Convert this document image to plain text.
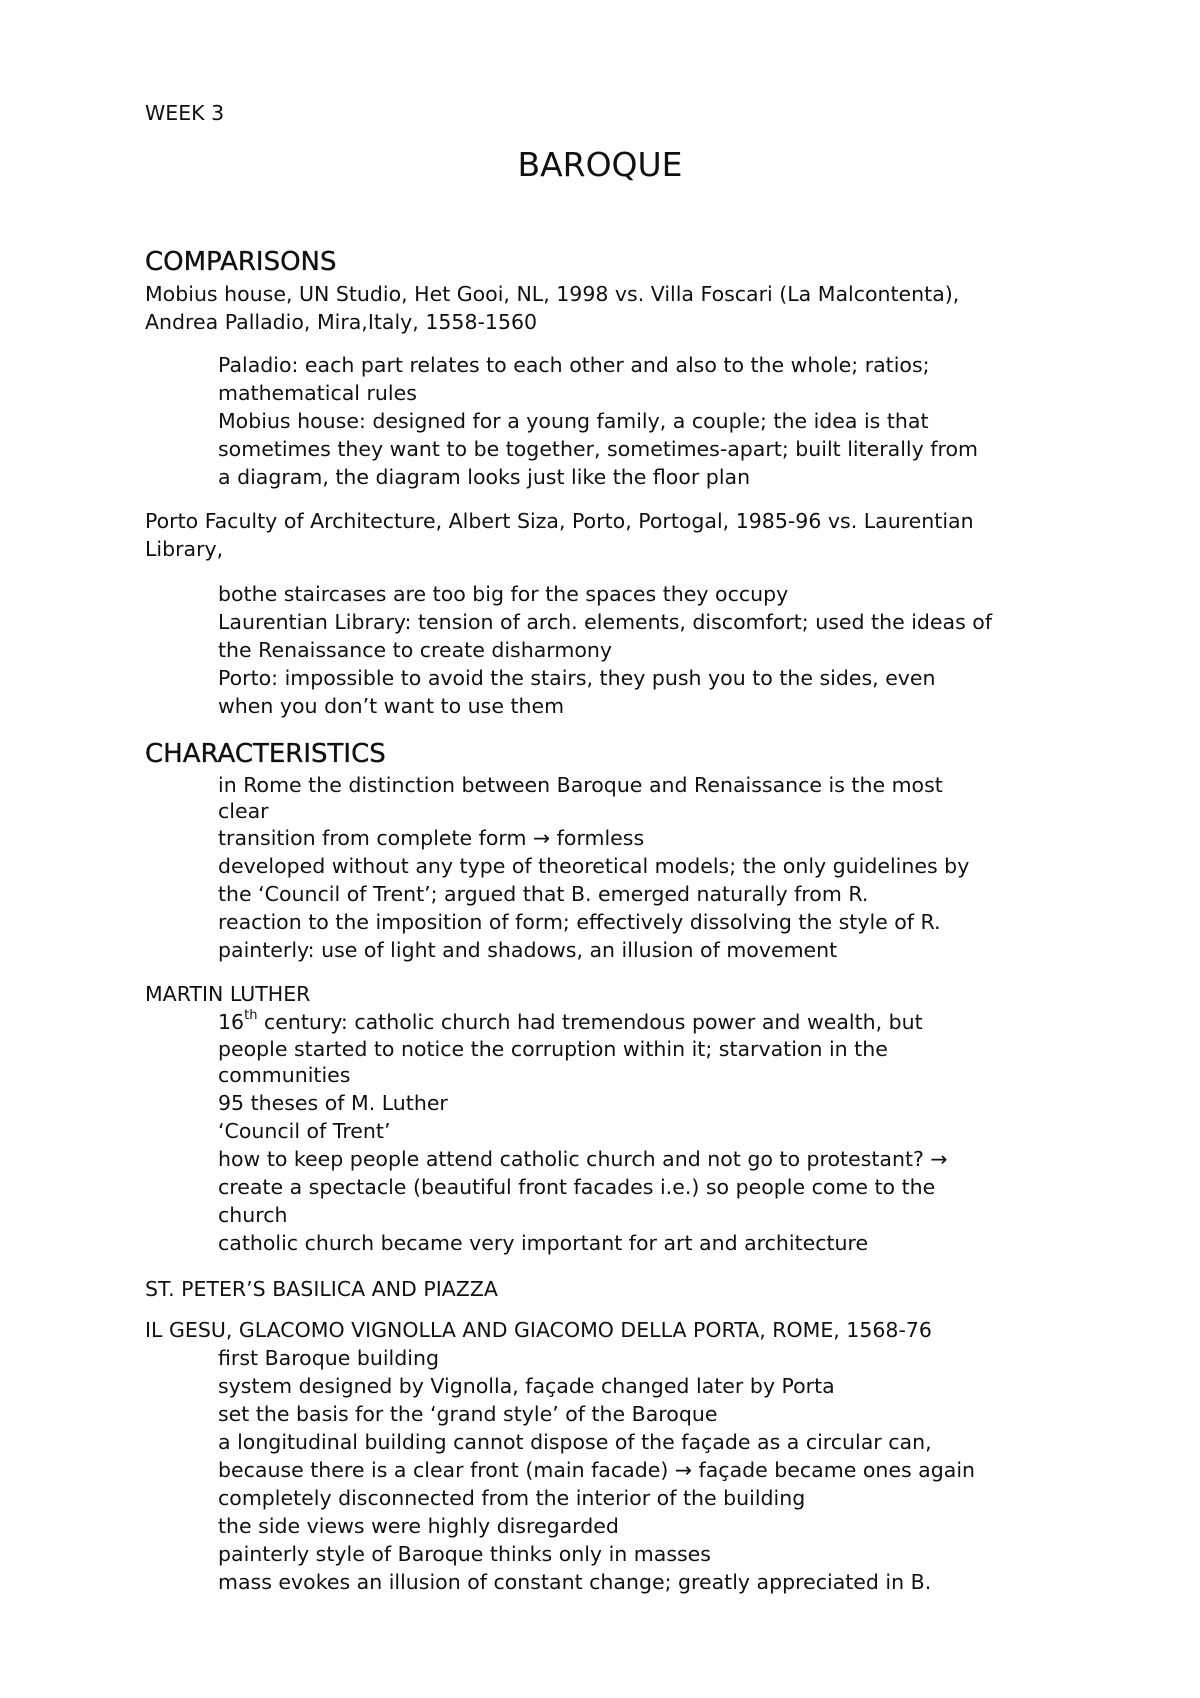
WEEK 3
BAROQUE
COMPARISONS
Mobius house, UN Studio, Het Gooi, NL, 1998 vs. Villa Foscari (La Malcontenta),
Andrea Palladio, Mira,Italy, 1558-1560
Paladio: each part relates to each other and also to the whole; ratios;
mathematical rules
Mobius house: designed for a young family, a couple; the idea is that
sometimes they want to be together, sometimes-apart; built literally from
a diagram, the diagram looks just like the floor plan
Porto Faculty of Architecture, Albert Siza, Porto, Portogal, 1985-96 vs. Laurentian
Library,
bothe staircases are too big for the spaces they occupy
Laurentian Library: tension of arch. elements, discomfort; used the ideas of
the Renaissance to create disharmony
Porto: impossible to avoid the stairs, they push you to the sides, even
when you don’t want to use them
CHARACTERISTICS
in Rome the distinction between Baroque and Renaissance is the most
clear
transition from complete form → formless
developed without any type of theoretical models; the only guidelines by
the ‘Council of Trent’; argued that B. emerged naturally from R.
reaction to the imposition of form; effectively dissolving the style of R.
painterly: use of light and shadows, an illusion of movement
MARTIN LUTHER
16th century: catholic church had tremendous power and wealth, but
people started to notice the corruption within it; starvation in the
communities
95 theses of M. Luther
‘Council of Trent’
how to keep people attend catholic church and not go to protestant? →
create a spectacle (beautiful front facades i.e.) so people come to the
church
catholic church became very important for art and architecture
ST. PETER’S BASILICA AND PIAZZA
IL GESU, GLACOMO VIGNOLLA AND GIACOMO DELLA PORTA, ROME, 1568-76
first Baroque building
system designed by Vignolla, façade changed later by Porta
set the basis for the ‘grand style’ of the Baroque
a longitudinal building cannot dispose of the façade as a circular can,
because there is a clear front (main facade) → façade became ones again
completely disconnected from the interior of the building
the side views were highly disregarded
painterly style of Baroque thinks only in masses
mass evokes an illusion of constant change; greatly appreciated in B.
